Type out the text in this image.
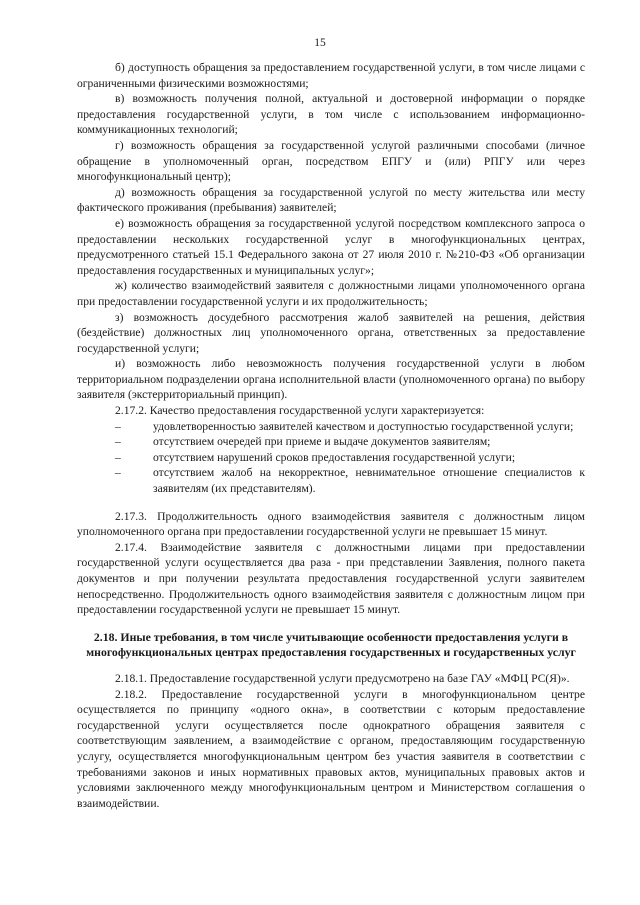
15

б) доступность обращения за предоставлением государственной услуги, в том числе лицами с ограниченными физическими возможностями;

в) возможность получения полной, актуальной и достоверной информации о порядке предоставления государственной услуги, в том числе с использованием информационно-коммуникационных технологий;

г) возможность обращения за государственной услугой различными способами (личное обращение в уполномоченный орган, посредством ЕПГУ и (или) РПГУ или через многофункциональный центр);

д) возможность обращения за государственной услугой по месту жительства или месту фактического проживания (пребывания) заявителей;

е) возможность обращения за государственной услугой посредством комплексного запроса о предоставлении нескольких государственной услуг в многофункциональных центрах, предусмотренного статьей 15.1 Федерального закона от 27 июля 2010 г. №210-ФЗ «Об организации предоставления государственных и муниципальных услуг»;

ж) количество взаимодействий заявителя с должностными лицами уполномоченного органа при предоставлении государственной услуги и их продолжительность;

з) возможность досудебного рассмотрения жалоб заявителей на решения, действия (бездействие) должностных лиц уполномоченного органа, ответственных за предоставление государственной услуги;

и) возможность либо невозможность получения государственной услуги в любом территориальном подразделении органа исполнительной власти (уполномоченного органа) по выбору заявителя (экстерриториальный принцип).

2.17.2. Качество предоставления государственной услуги характеризуется:

–	удовлетворенностью заявителей качеством и доступностью государственной услуги;
–	отсутствием очередей при приеме и выдаче документов заявителям;
–	отсутствием нарушений сроков предоставления государственной услуги;
–	отсутствием жалоб на некорректное, невнимательное отношение специалистов к заявителям (их представителям).

2.17.3. Продолжительность одного взаимодействия заявителя с должностным лицом уполномоченного органа при предоставлении государственной услуги не превышает 15 минут.

2.17.4. Взаимодействие заявителя с должностными лицами при предоставлении государственной услуги осуществляется два раза - при представлении Заявления, полного пакета документов и при получении результата предоставления государственной услуги заявителем непосредственно. Продолжительность одного взаимодействия заявителя с должностным лицом при предоставлении государственной услуги не превышает 15 минут.

2.18. Иные требования, в том числе учитывающие особенности предоставления услуги в многофункциональных центрах предоставления государственных и государственных услуг

2.18.1. Предоставление государственной услуги предусмотрено на базе ГАУ «МФЦ РС(Я)».

2.18.2. Предоставление государственной услуги в многофункциональном центре осуществляется по принципу «одного окна», в соответствии с которым предоставление государственной услуги осуществляется после однократного обращения заявителя с соответствующим заявлением, а взаимодействие с органом, предоставляющим государственную услугу, осуществляется многофункциональным центром без участия заявителя в соответствии с требованиями законов и иных нормативных правовых актов, муниципальных правовых актов и условиями заключенного между многофункциональным центром и Министерством соглашения о взаимодействии.
